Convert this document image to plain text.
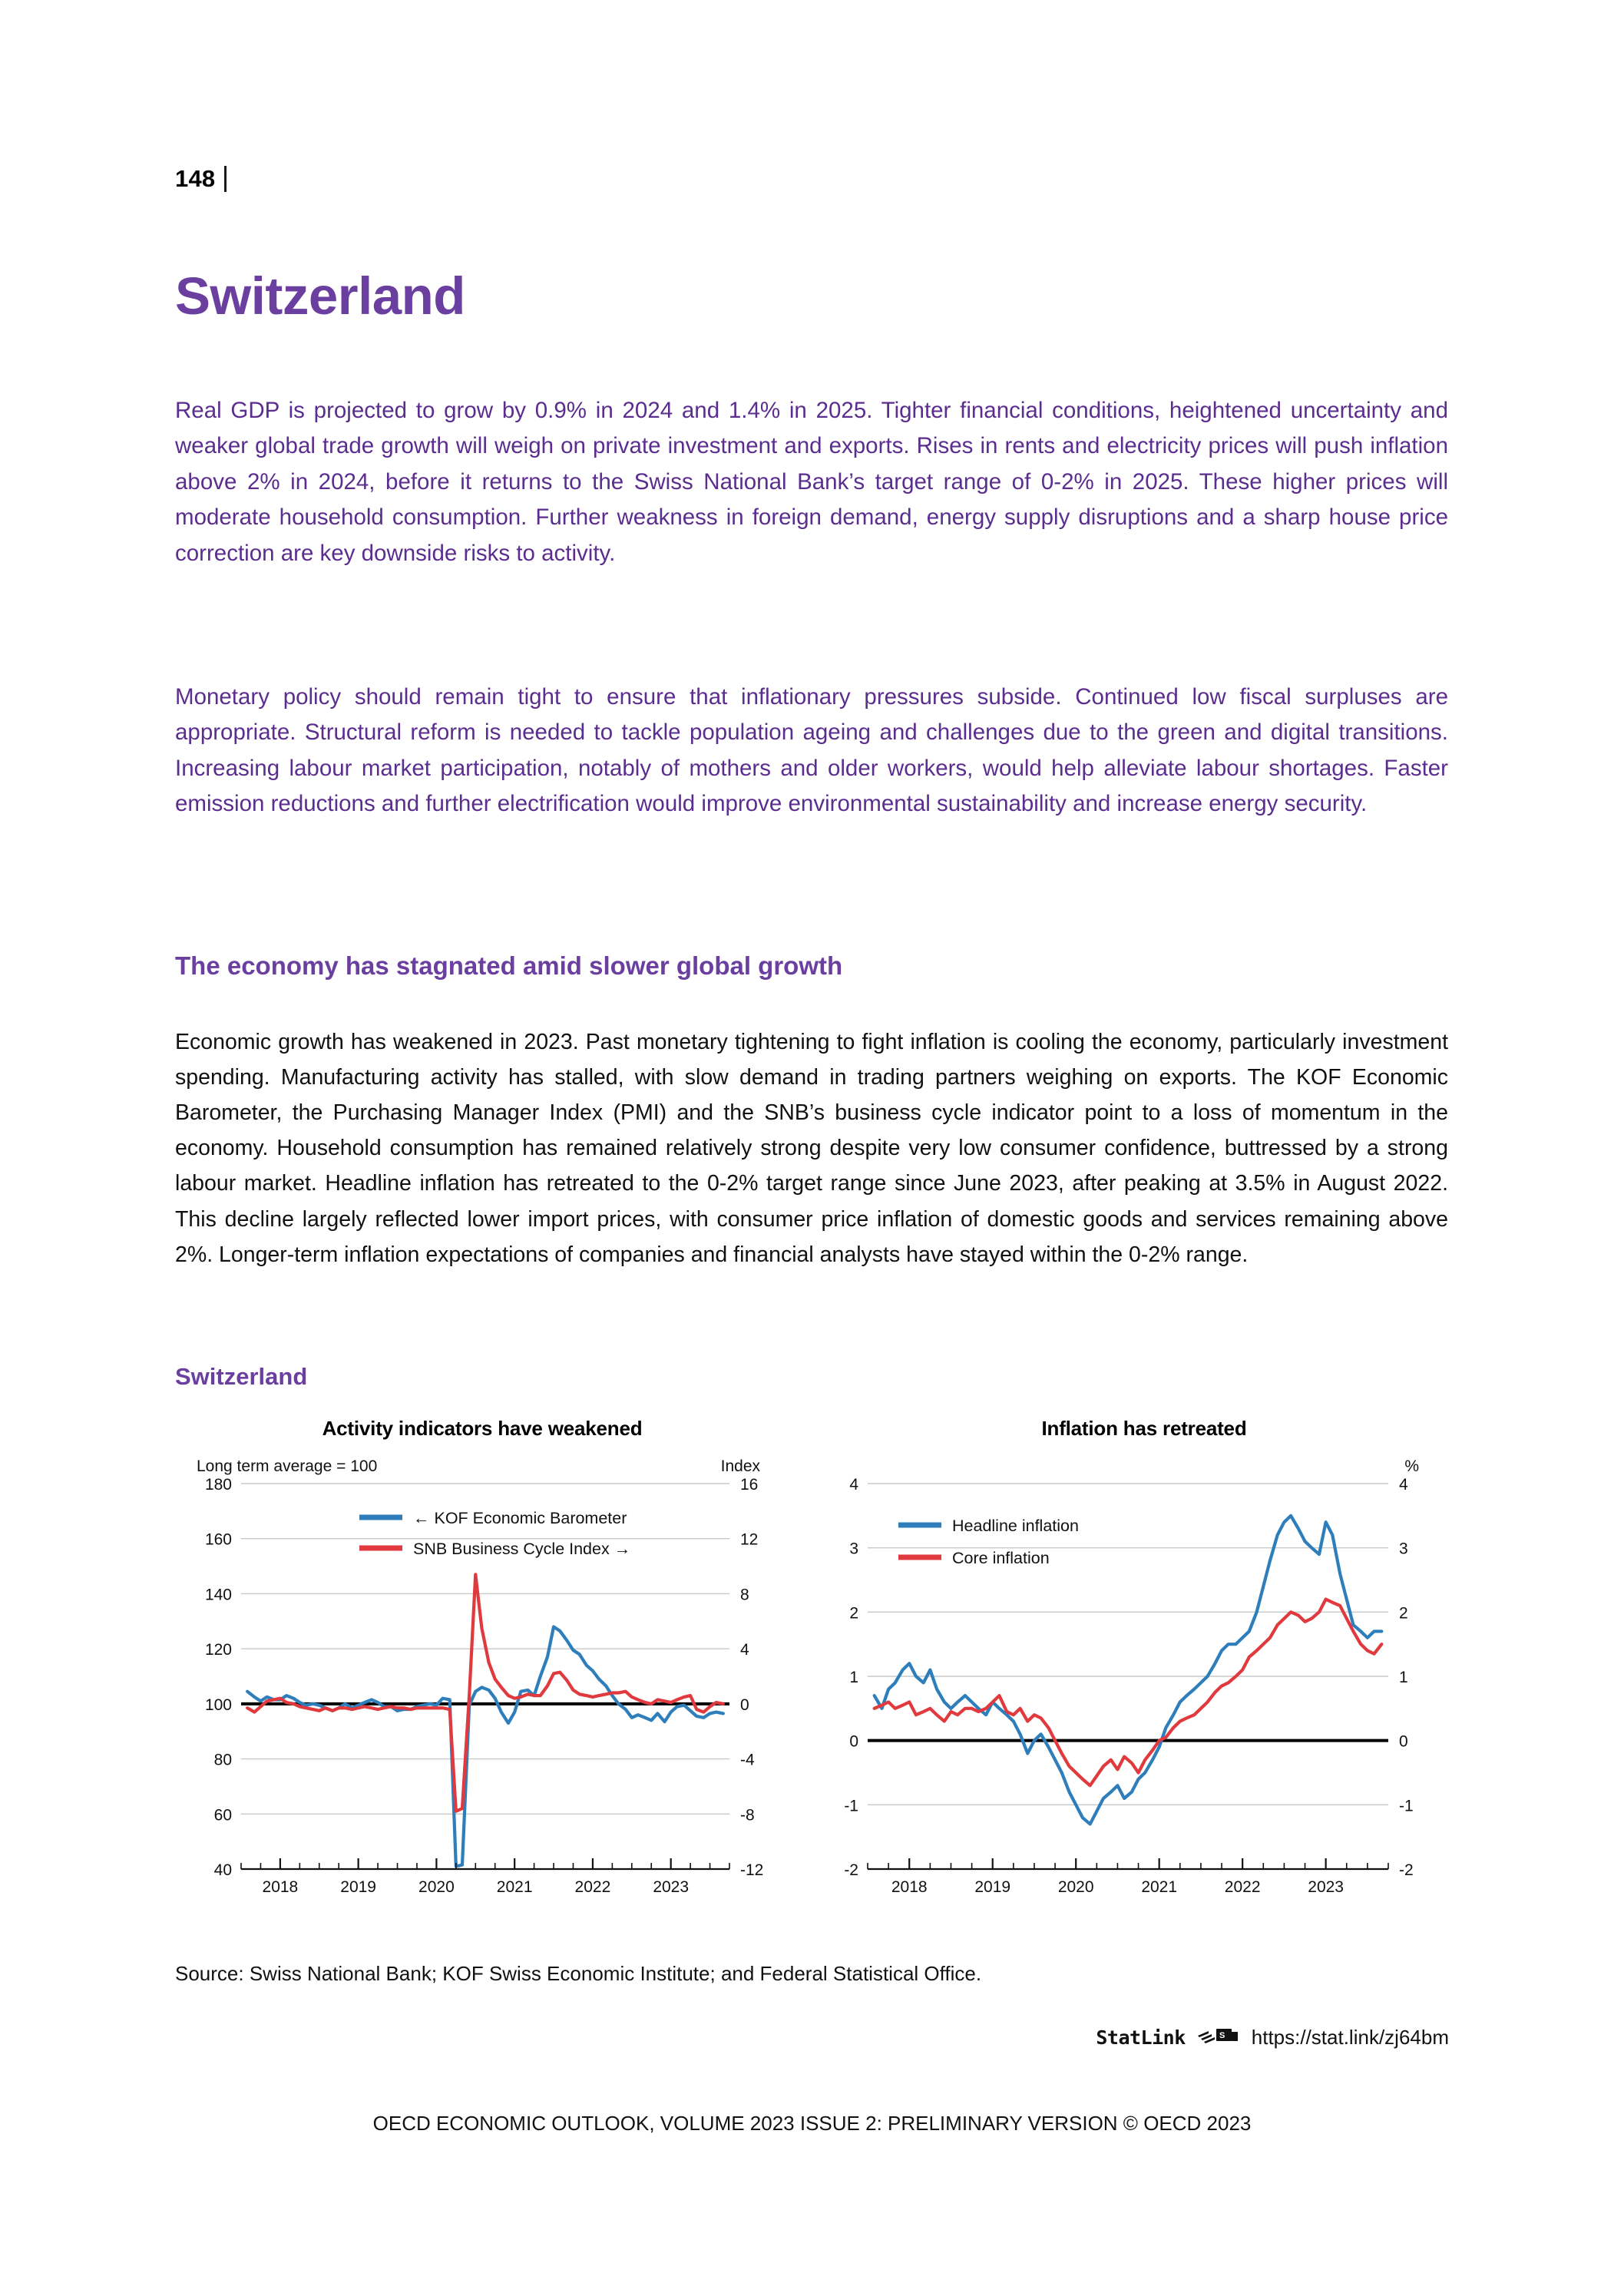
148
Switzerland

Real GDP is projected to grow by 0.9% in 2024 and 1.4% in 2025. Tighter financial conditions, heightened uncertainty and weaker global trade growth will weigh on private investment and exports. Rises in rents and electricity prices will push inflation above 2% in 2024, before it returns to the Swiss National Bank’s target range of 0-2% in 2025. These higher prices will moderate household consumption. Further weakness in foreign demand, energy supply disruptions and a sharp house price correction are key downside risks to activity.

Monetary policy should remain tight to ensure that inflationary pressures subside. Continued low fiscal surpluses are appropriate. Structural reform is needed to tackle population ageing and challenges due to the green and digital transitions. Increasing labour market participation, notably of mothers and older workers, would help alleviate labour shortages. Faster emission reductions and further electrification would improve environmental sustainability and increase energy security.

The economy has stagnated amid slower global growth

Economic growth has weakened in 2023. Past monetary tightening to fight inflation is cooling the economy, particularly investment spending. Manufacturing activity has stalled, with slow demand in trading partners weighing on exports. The KOF Economic Barometer, the Purchasing Manager Index (PMI) and the SNB’s business cycle indicator point to a loss of momentum in the economy. Household consumption has remained relatively strong despite very low consumer confidence, buttressed by a strong labour market. Headline inflation has retreated to the 0-2% target range since June 2023, after peaking at 3.5% in August 2022. This decline largely reflected lower import prices, with consumer price inflation of domestic goods and services remaining above 2%. Longer-term inflation expectations of companies and financial analysts have stayed within the 0-2% range.

Switzerland
Activity indicators have weakened
40
60
80
100
120
140
160
180
-12
-8
-4
0
4
8
12
16
Long term average = 100	Index
2018	2019	2020	2021	2022	2023
← KOF Economic Barometer
SNB Business Cycle Index →
Inflation has retreated
-2
-1
0
1
2
3
4
-2
-1
0
1
2
3
4
%
2018	2019	2020	2021	2022	2023
Headline inflation
Core inflation
Source: Swiss National Bank; KOF Swiss Economic Institute; and Federal Statistical Office.
StatLink	S https://stat.link/zj64bm
OECD ECONOMIC OUTLOOK, VOLUME 2023 ISSUE 2: PRELIMINARY VERSION © OECD 2023
